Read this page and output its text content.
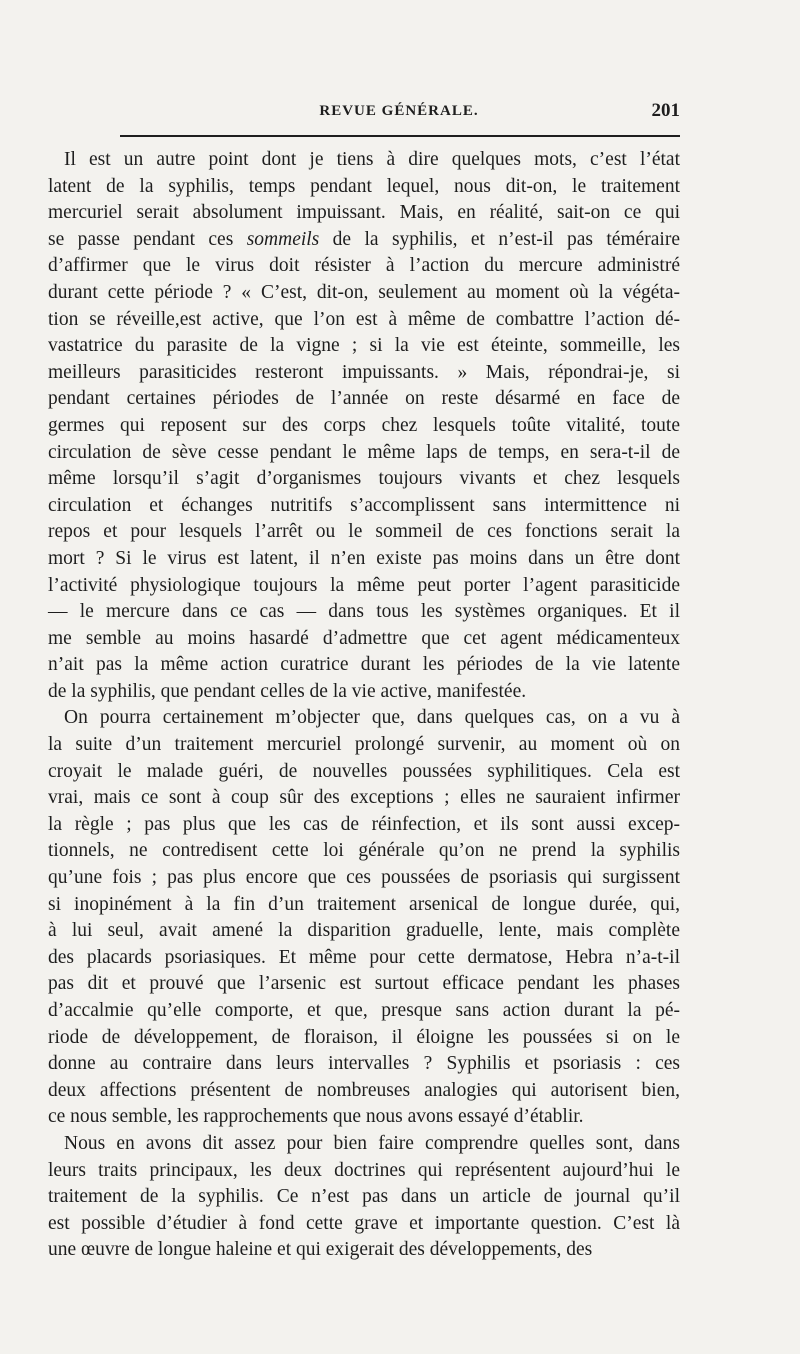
REVUE GÉNÉRALE.	201

Il est un autre point dont je tiens à dire quelques mots, c’est l’état
latent de la syphilis, temps pendant lequel, nous dit-on, le traitement
mercuriel serait absolument impuissant. Mais, en réalité, sait-on ce qui
se passe pendant ces sommeils de la syphilis, et n’est-il pas téméraire
d’affirmer que le virus doit résister à l’action du mercure administré
durant cette période ? « C’est, dit-on, seulement au moment où la végéta-
tion se réveille,est active, que l’on est à même de combattre l’action dé-
vastatrice du parasite de la vigne ; si la vie est éteinte, sommeille, les
meilleurs parasiticides resteront impuissants. » Mais, répondrai-je, si
pendant certaines périodes de l’année on reste désarmé en face de
germes qui reposent sur des corps chez lesquels toûte vitalité, toute
circulation de sève cesse pendant le même laps de temps, en sera-t-il de
même lorsqu’il s’agit d’organismes toujours vivants et chez lesquels
circulation et échanges nutritifs s’accomplissent sans intermittence ni
repos et pour lesquels l’arrêt ou le sommeil de ces fonctions serait la
mort ? Si le virus est latent, il n’en existe pas moins dans un être dont
l’activité physiologique toujours la même peut porter l’agent parasiticide
— le mercure dans ce cas — dans tous les systèmes organiques. Et il
me semble au moins hasardé d’admettre que cet agent médicamenteux
n’ait pas la même action curatrice durant les périodes de la vie latente
de la syphilis, que pendant celles de la vie active, manifestée.

On pourra certainement m’objecter que, dans quelques cas, on a vu à
la suite d’un traitement mercuriel prolongé survenir, au moment où on
croyait le malade guéri, de nouvelles poussées syphilitiques. Cela est
vrai, mais ce sont à coup sûr des exceptions ; elles ne sauraient infirmer
la règle ; pas plus que les cas de réinfection, et ils sont aussi excep-
tionnels, ne contredisent cette loi générale qu’on ne prend la syphilis
qu’une fois ; pas plus encore que ces poussées de psoriasis qui surgissent
si inopinément à la fin d’un traitement arsenical de longue durée, qui,
à lui seul, avait amené la disparition graduelle, lente, mais complète
des placards psoriasiques. Et même pour cette dermatose, Hebra n’a-t-il
pas dit et prouvé que l’arsenic est surtout efficace pendant les phases
d’accalmie qu’elle comporte, et que, presque sans action durant la pé-
riode de développement, de floraison, il éloigne les poussées si on le
donne au contraire dans leurs intervalles ? Syphilis et psoriasis : ces
deux affections présentent de nombreuses analogies qui autorisent bien,
ce nous semble, les rapprochements que nous avons essayé d’établir.

Nous en avons dit assez pour bien faire comprendre quelles sont, dans
leurs traits principaux, les deux doctrines qui représentent aujourd’hui le
traitement de la syphilis. Ce n’est pas dans un article de journal qu’il
est possible d’étudier à fond cette grave et importante question. C’est là
une œuvre de longue haleine et qui exigerait des développements, des
